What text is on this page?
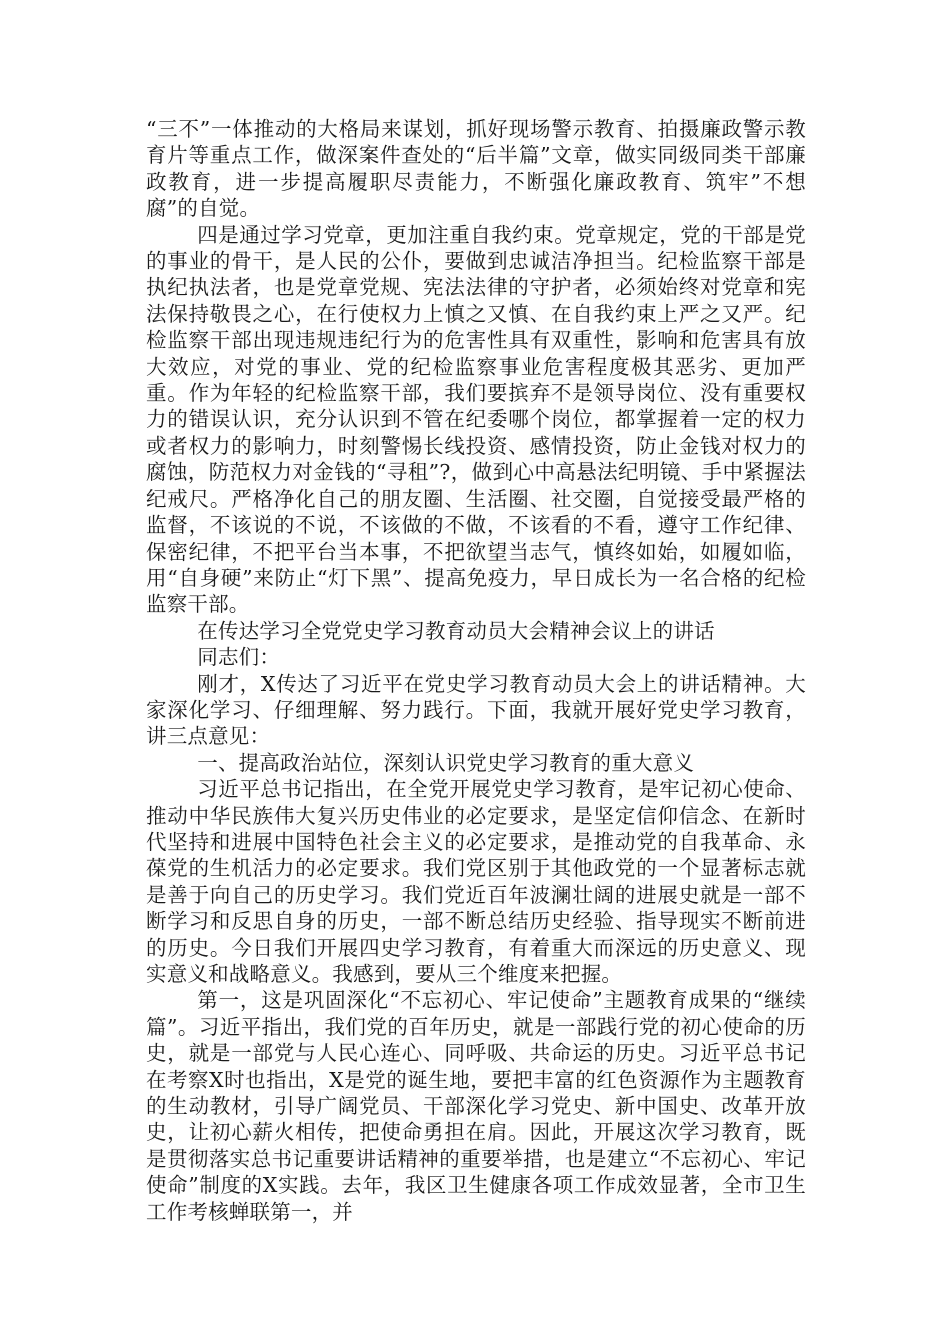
“三不”一体推动的大格局来谋划，抓好现场警示教育、拍摄廉政警示教育片等重点工作，做深案件查处的“后半篇”文章，做实同级同类干部廉政教育，进一步提高履职尽责能力，不断强化廉政教育、筑牢”不想腐”的自觉。

四是通过学习党章，更加注重自我约束。党章规定，党的干部是党的事业的骨干，是人民的公仆，要做到忠诚洁净担当。纪检监察干部是执纪执法者，也是党章党规、宪法法律的守护者，必须始终对党章和宪法保持敬畏之心，在行使权力上慎之又慎、在自我约束上严之又严。纪检监察干部出现违规违纪行为的危害性具有双重性，影响和危害具有放大效应，对党的事业、党的纪检监察事业危害程度极其恶劣、更加严重。作为年轻的纪检监察干部，我们要摈弃不是领导岗位、没有重要权力的错误认识，充分认识到不管在纪委哪个岗位，都掌握着一定的权力或者权力的影响力，时刻警惕长线投资、感情投资，防止金钱对权力的腐蚀，防范权力对金钱的“寻租”?，做到心中高悬法纪明镜、手中紧握法纪戒尺。严格净化自己的朋友圈、生活圈、社交圈，自觉接受最严格的监督，不该说的不说，不该做的不做，不该看的不看，遵守工作纪律、保密纪律，不把平台当本事，不把欲望当志气，慎终如始，如履如临，用“自身硬”来防止“灯下黑”、提高免疫力，早日成长为一名合格的纪检监察干部。

在传达学习全党党史学习教育动员大会精神会议上的讲话

同志们：

刚才，X传达了习近平在党史学习教育动员大会上的讲话精神。大家深化学习、仔细理解、努力践行。下面，我就开展好党史学习教育，讲三点意见：

一、提高政治站位，深刻认识党史学习教育的重大意义

习近平总书记指出，在全党开展党史学习教育，是牢记初心使命、推动中华民族伟大复兴历史伟业的必定要求，是坚定信仰信念、在新时代坚持和进展中国特色社会主义的必定要求，是推动党的自我革命、永葆党的生机活力的必定要求。我们党区别于其他政党的一个显著标志就是善于向自己的历史学习。我们党近百年波澜壮阔的进展史就是一部不断学习和反思自身的历史，一部不断总结历史经验、指导现实不断前进的历史。今日我们开展四史学习教育，有着重大而深远的历史意义、现实意义和战略意义。我感到，要从三个维度来把握。

第一，这是巩固深化“不忘初心、牢记使命”主题教育成果的“继续篇”。习近平指出，我们党的百年历史，就是一部践行党的初心使命的历史，就是一部党与人民心连心、同呼吸、共命运的历史。习近平总书记在考察X时也指出，X是党的诞生地，要把丰富的红色资源作为主题教育的生动教材，引导广阔党员、干部深化学习党史、新中国史、改革开放史，让初心薪火相传，把使命勇担在肩。因此，开展这次学习教育，既是贯彻落实总书记重要讲话精神的重要举措，也是建立“不忘初心、牢记使命”制度的X实践。去年，我区卫生健康各项工作成效显著，全市卫生工作考核蝉联第一，并
